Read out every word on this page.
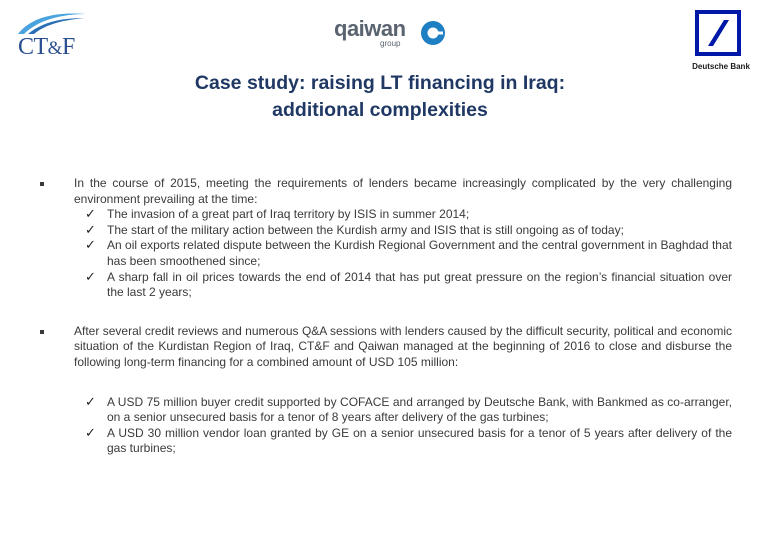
CT&F
qaiwan
group
Deutsche Bank
Case study: raising LT financing in Iraq:
additional complexities
In the course of 2015, meeting the requirements of lenders became increasingly complicated by the very challenging environment prevailing at the time:
✓ The invasion of a great part of Iraq territory by ISIS in summer 2014;
✓ The start of the military action between the Kurdish army and ISIS that is still ongoing as of today;
✓ An oil exports related dispute between the Kurdish Regional Government and the central government in Baghdad that has been smoothened since;
✓ A sharp fall in oil prices towards the end of 2014 that has put great pressure on the region’s financial situation over the last 2 years;
After several credit reviews and numerous Q&A sessions with lenders caused by the difficult security, political and economic situation of the Kurdistan Region of Iraq, CT&F and Qaiwan managed at the beginning of 2016 to close and disburse the following long-term financing for a combined amount of USD 105 million:
✓ A USD 75 million buyer credit supported by COFACE and arranged by Deutsche Bank, with Bankmed as co-arranger, on a senior unsecured basis for a tenor of 8 years after delivery of the gas turbines;
✓ A USD 30 million vendor loan granted by GE on a senior unsecured basis for a tenor of 5 years after delivery of the gas turbines;
